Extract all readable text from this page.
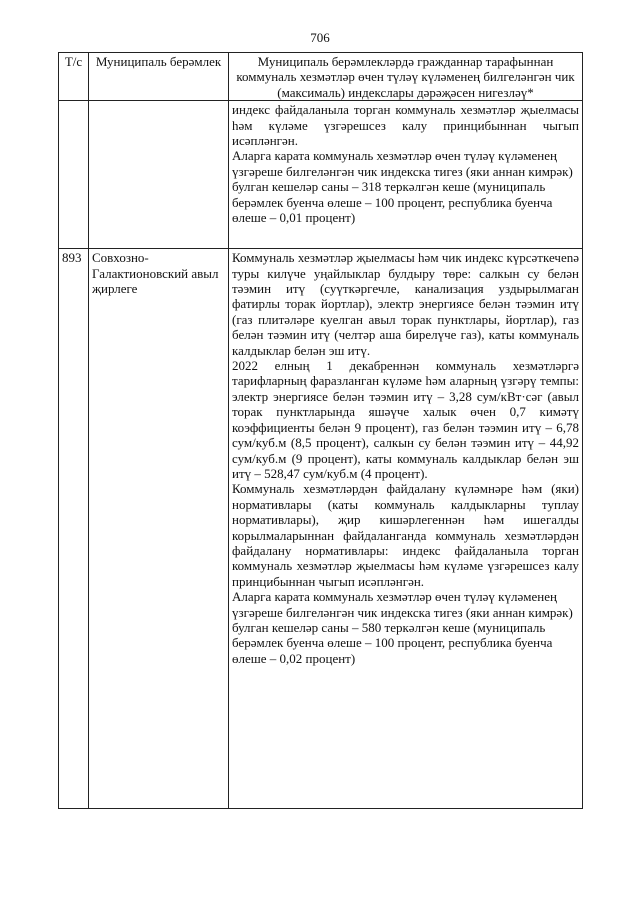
706
Т/с	Муниципаль берәмлек	Муниципаль берәмлекләрдә гражданнар тарафыннан коммуналь хезмәтләр өчен түләү күләменең билгеләнгән чик (максималь) индекслары дәрәҗәсен нигезләү*

		индекс файдаланыла торган коммуналь хезмәтләр җыелмасы һәм күләме үзгәрешсез калу принцибыннан чыгып исәпләнгән.

Аларга карата коммуналь хезмәтләр өчен түләү күләменең үзгәреше билгеләнгән чик индекска тигез (яки аннан кимрәк) булган кешеләр саны – 318 теркәлгән кеше (муниципаль берәмлек буенча өлеше – 100 процент, республика буенча өлеше – 0,01 процент)

893	Совхозно-Галактионовский авыл җирлеге	Коммуналь хезмәтләр җыелмасы һәм чик индекс күрсәткечenә туры килүче уңайлыклар булдыру төре: салкын су белән тәэмин итү (суүткәргечле, канализация уздырылмаган фатирлы торак йортлар), электр энергиясе белән тәэмин итү (газ плитәләре куелган авыл торак пунктлары, йортлар), газ белән тәэмин итү (челтәр аша бирелүче газ), каты коммуналь калдыклар белән эш итү.

2022 елның 1 декабреннән коммуналь хезмәтләргә тарифларның фаразланган күләме һәм аларның үзгәрү темпы: электр энергиясе белән тәэмин итү – 3,28 сум/кВт·сәг (авыл торак пунктларында яшәүче халык өчен 0,7 кимәтү коэффициенты белән 9 процент), газ белән тәэмин итү – 6,78 сум/куб.м (8,5 процент), салкын су белән тәэмин итү – 44,92 сум/куб.м (9 процент), каты коммуналь калдыклар белән эш итү – 528,47 сум/куб.м (4 процент).

Коммуналь хезмәтләрдән файдалану күләмнәре һәм (яки) нормативлары (каты коммуналь калдыкларны туплау нормативлары), җир кишәрлегеннән һәм ишегалды корылмаларыннан файдаланганда коммуналь хезмәтләрдән файдалану нормативлары: индекс файдаланыла торган коммуналь хезмәтләр җыелмасы һәм күләме үзгәрешсез калу принцибыннан чыгып исәпләнгән.

Аларга карата коммуналь хезмәтләр өчен түләү күләменең үзгәреше билгеләнгән чик индекска тигез (яки аннан кимрәк) булган кешеләр саны – 580 теркәлгән кеше (муниципаль берәмлек буенча өлеше – 100 процент, республика буенча өлеше – 0,02 процент)
